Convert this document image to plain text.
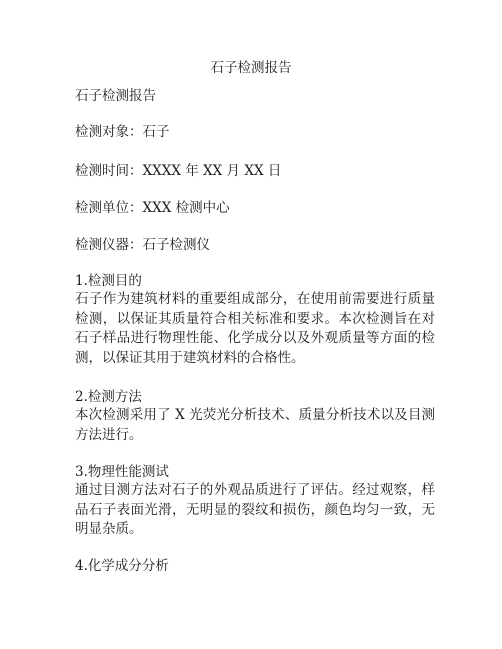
石子检测报告
石子检测报告
检测对象：石子
检测时间：XXXX 年 XX 月 XX 日
检测单位：XXX 检测中心
检测仪器：石子检测仪
1.检测目的
石子作为建筑材料的重要组成部分，在使用前需要进行质量检测，以保证其质量符合相关标准和要求。本次检测旨在对石子样品进行物理性能、化学成分以及外观质量等方面的检测，以保证其用于建筑材料的合格性。
2.检测方法
本次检测采用了 X 光荧光分析技术、质量分析技术以及目测方法进行。
3.物理性能测试
通过目测方法对石子的外观品质进行了评估。经过观察，样品石子表面光滑，无明显的裂纹和损伤，颜色均匀一致，无明显杂质。
4.化学成分分析
